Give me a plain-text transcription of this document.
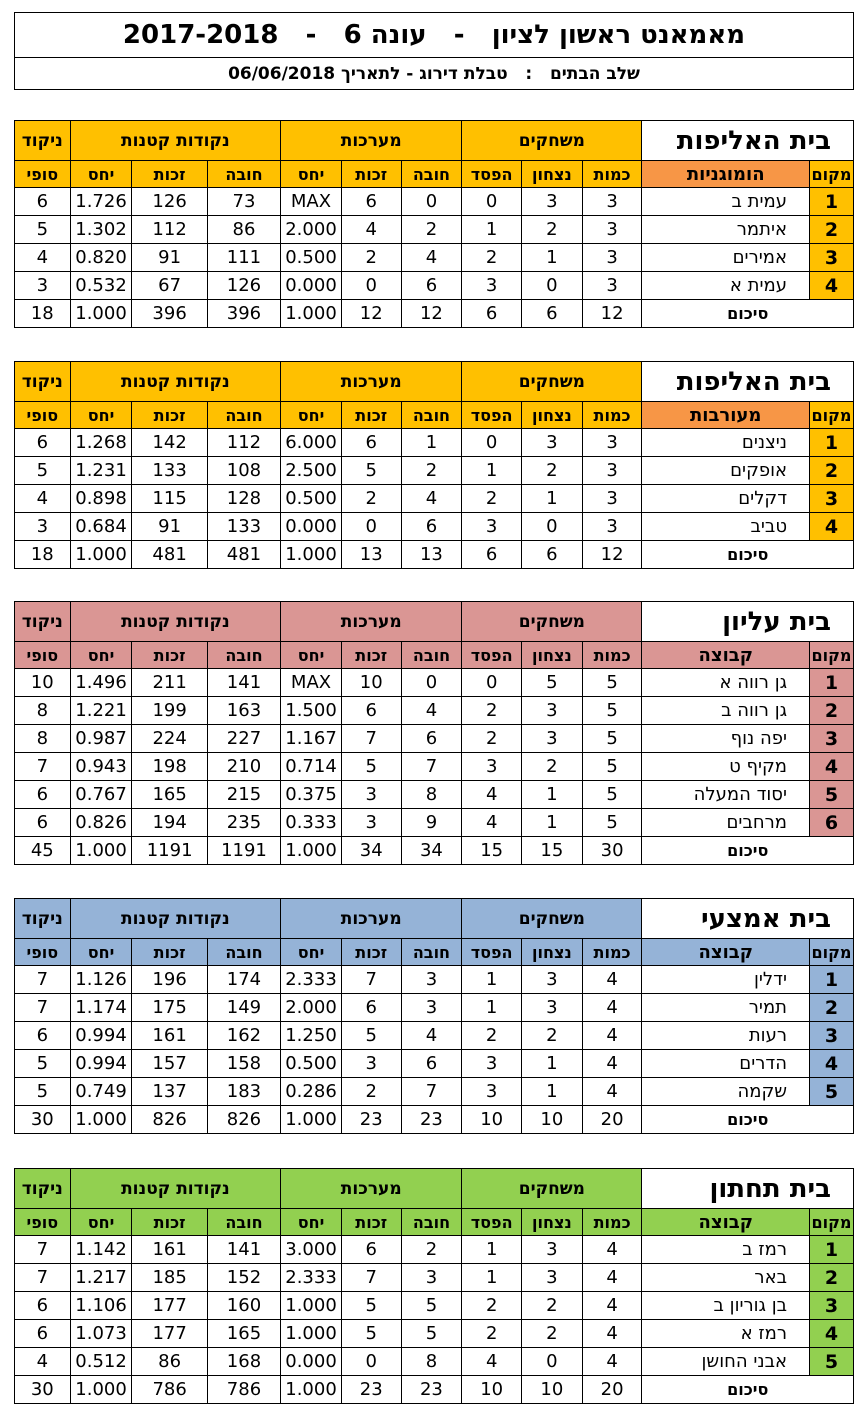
מאמאנט ראשון לציון   -   עונה 6   -   2017-2018
שלב הבתים   :   טבלת דירוג - לתאריך 06/06/2018
בית האליפות		משחקים			מערכות			נקודות קטנות			ניקוד
מקום	הומוגניות	כמות	נצחון	הפסד	חובה	זכות	יחס	חובה	זכות	יחס	סופי
1	עמית ב	3	3	0	0	6	MAX	73	126	1.726	6
2	איתמר	3	2	1	2	4	2.000	86	112	1.302	5
3	אמירים	3	1	2	4	2	0.500	111	91	0.820	4
4	עמית א	3	0	3	6	0	0.000	126	67	0.532	3
סיכום		12	6	6	12	12	1.000	396	396	1.000	18
בית האליפות		משחקים			מערכות			נקודות קטנות			ניקוד
מקום	מעורבות	כמות	נצחון	הפסד	חובה	זכות	יחס	חובה	זכות	יחס	סופי
1	ניצנים	3	3	0	1	6	6.000	112	142	1.268	6
2	אופקים	3	2	1	2	5	2.500	108	133	1.231	5
3	דקלים	3	1	2	4	2	0.500	128	115	0.898	4
4	טביב	3	0	3	6	0	0.000	133	91	0.684	3
סיכום		12	6	6	13	13	1.000	481	481	1.000	18
בית עליון		משחקים			מערכות			נקודות קטנות			ניקוד
מקום	קבוצה	כמות	נצחון	הפסד	חובה	זכות	יחס	חובה	זכות	יחס	סופי
1	גן רווה א	5	5	0	0	10	MAX	141	211	1.496	10
2	גן רווה ב	5	3	2	4	6	1.500	163	199	1.221	8
3	יפה נוף	5	3	2	6	7	1.167	227	224	0.987	8
4	מקיף ט	5	2	3	7	5	0.714	210	198	0.943	7
5	יסוד המעלה	5	1	4	8	3	0.375	215	165	0.767	6
6	מרחבים	5	1	4	9	3	0.333	235	194	0.826	6
סיכום		30	15	15	34	34	1.000	1191	1191	1.000	45
בית אמצעי		משחקים			מערכות			נקודות קטנות			ניקוד
מקום	קבוצה	כמות	נצחון	הפסד	חובה	זכות	יחס	חובה	זכות	יחס	סופי
1	ידלין	4	3	1	3	7	2.333	174	196	1.126	7
2	תמיר	4	3	1	3	6	2.000	149	175	1.174	7
3	רעות	4	2	2	4	5	1.250	162	161	0.994	6
4	הדרים	4	1	3	6	3	0.500	158	157	0.994	5
5	שקמה	4	1	3	7	2	0.286	183	137	0.749	5
סיכום		20	10	10	23	23	1.000	826	826	1.000	30
בית תחתון		משחקים			מערכות			נקודות קטנות			ניקוד
מקום	קבוצה	כמות	נצחון	הפסד	חובה	זכות	יחס	חובה	זכות	יחס	סופי
1	רמז ב	4	3	1	2	6	3.000	141	161	1.142	7
2	באר	4	3	1	3	7	2.333	152	185	1.217	7
3	בן גוריון ב	4	2	2	5	5	1.000	160	177	1.106	6
4	רמז א	4	2	2	5	5	1.000	165	177	1.073	6
5	אבני החושן	4	0	4	8	0	0.000	168	86	0.512	4
סיכום		20	10	10	23	23	1.000	786	786	1.000	30
